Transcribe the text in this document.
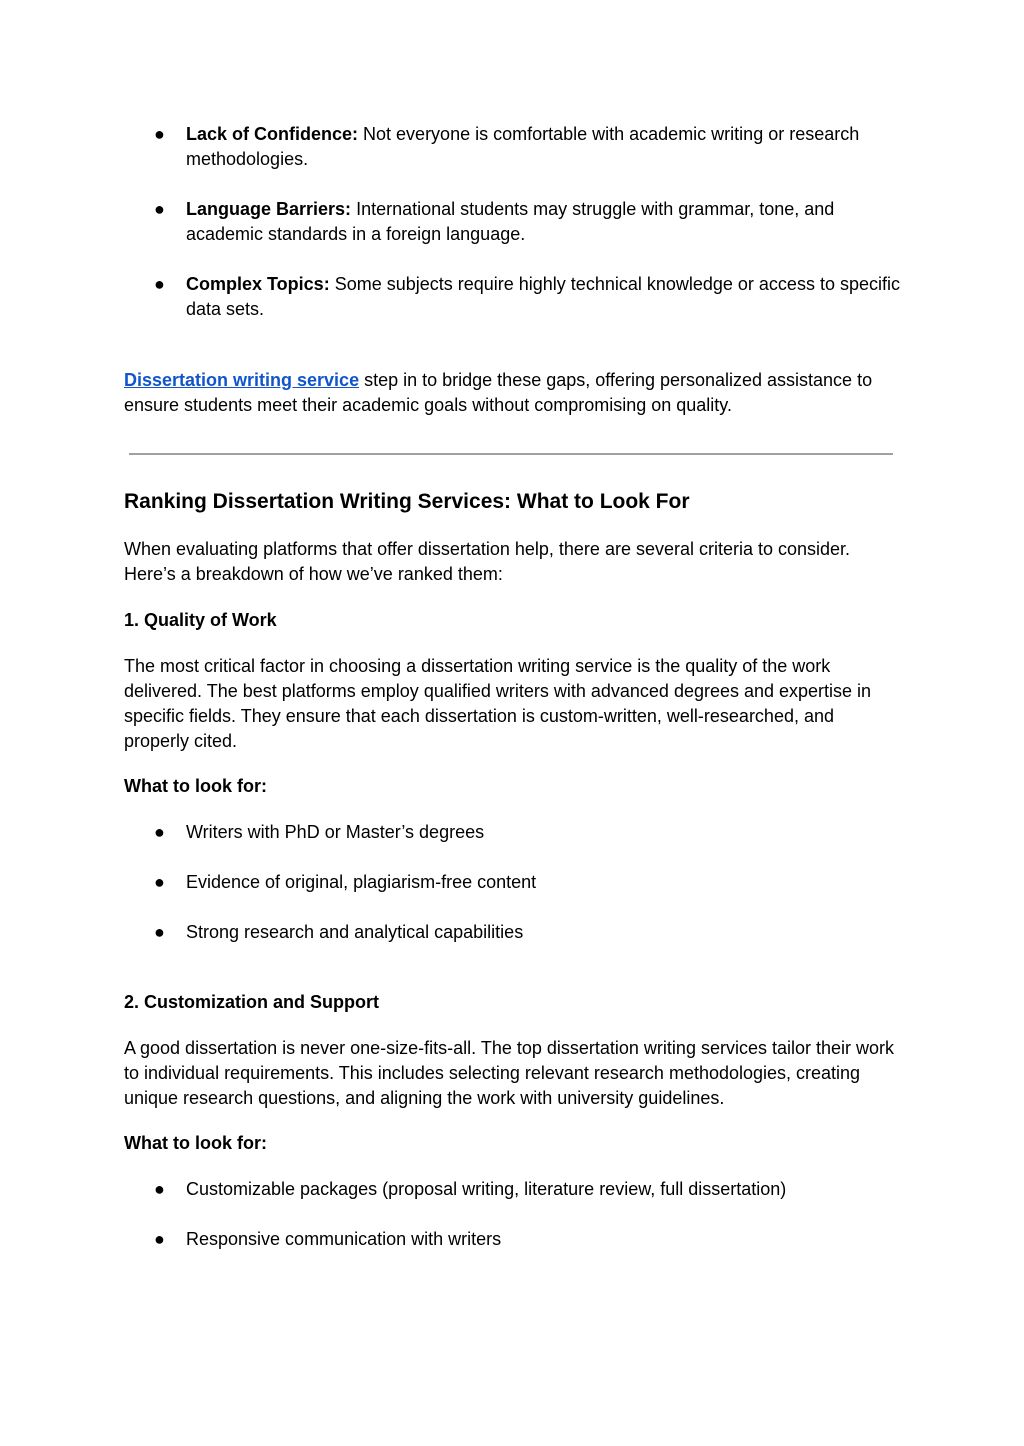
●	Lack of Confidence: Not everyone is comfortable with academic writing or research methodologies.
●	Language Barriers: International students may struggle with grammar, tone, and academic standards in a foreign language.
●	Complex Topics: Some subjects require highly technical knowledge or access to specific data sets.
Dissertation writing service step in to bridge these gaps, offering personalized assistance to ensure students meet their academic goals without compromising on quality.
Ranking Dissertation Writing Services: What to Look For
When evaluating platforms that offer dissertation help, there are several criteria to consider. Here’s a breakdown of how we’ve ranked them:
1. Quality of Work
The most critical factor in choosing a dissertation writing service is the quality of the work delivered. The best platforms employ qualified writers with advanced degrees and expertise in specific fields. They ensure that each dissertation is custom-written, well-researched, and properly cited.
What to look for:
●	Writers with PhD or Master’s degrees
●	Evidence of original, plagiarism-free content
●	Strong research and analytical capabilities
2. Customization and Support
A good dissertation is never one-size-fits-all. The top dissertation writing services tailor their work to individual requirements. This includes selecting relevant research methodologies, creating unique research questions, and aligning the work with university guidelines.
What to look for:
●	Customizable packages (proposal writing, literature review, full dissertation)
●	Responsive communication with writers
